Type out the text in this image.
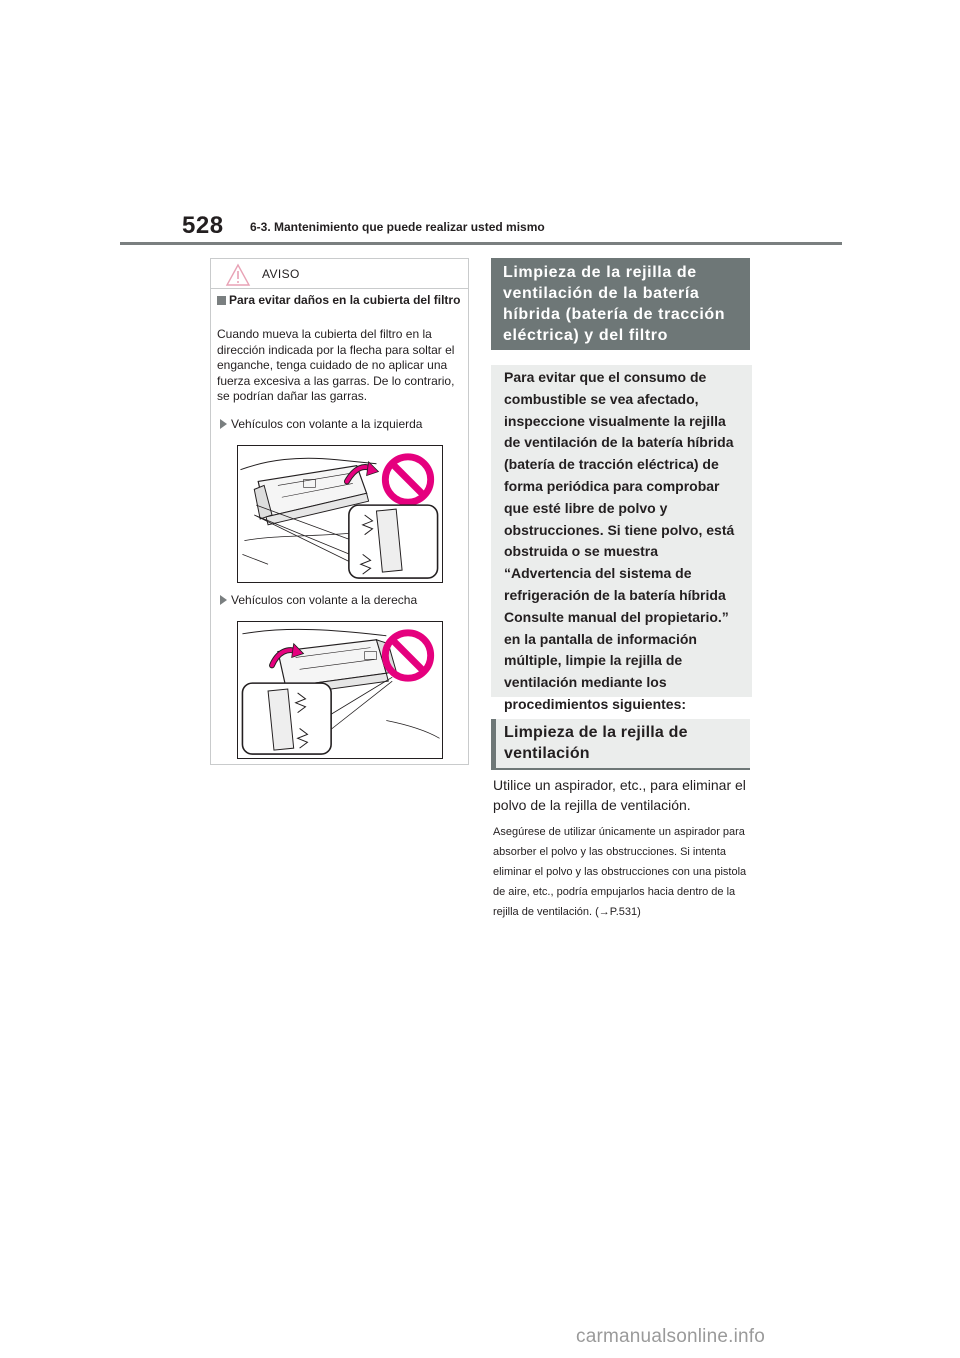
528 6-3. Mantenimiento que puede realizar usted mismo
AVISO
Para evitar daños en la cubierta del filtro
Cuando mueva la cubierta del filtro en la dirección indicada por la flecha para soltar el enganche, tenga cuidado de no aplicar una fuerza excesiva a las garras. De lo contrario, se podrían dañar las garras.
Vehículos con volante a la izquierda
Vehículos con volante a la derecha
Limpieza de la rejilla de ventilación de la batería híbrida (batería de tracción eléctrica) y del filtro

Para evitar que el consumo de combustible se vea afectado, inspeccione visualmente la rejilla de ventilación de la batería híbrida (batería de tracción eléctrica) de forma periódica para comprobar que esté libre de polvo y obstrucciones. Si tiene polvo, está obstruida o se muestra “Advertencia del sistema de refrigeración de la batería híbrida Consulte manual del propietario.” en la pantalla de información múltiple, limpie la rejilla de ventilación mediante los procedimientos siguientes:

Limpieza de la rejilla de ventilación

Utilice un aspirador, etc., para eliminar el polvo de la rejilla de ventilación.

Asegúrese de utilizar únicamente un aspirador para absorber el polvo y las obstrucciones. Si intenta eliminar el polvo y las obstrucciones con una pistola de aire, etc., podría empujarlos hacia dentro de la rejilla de ventilación. (→P.531)

carmanualsonline.info
